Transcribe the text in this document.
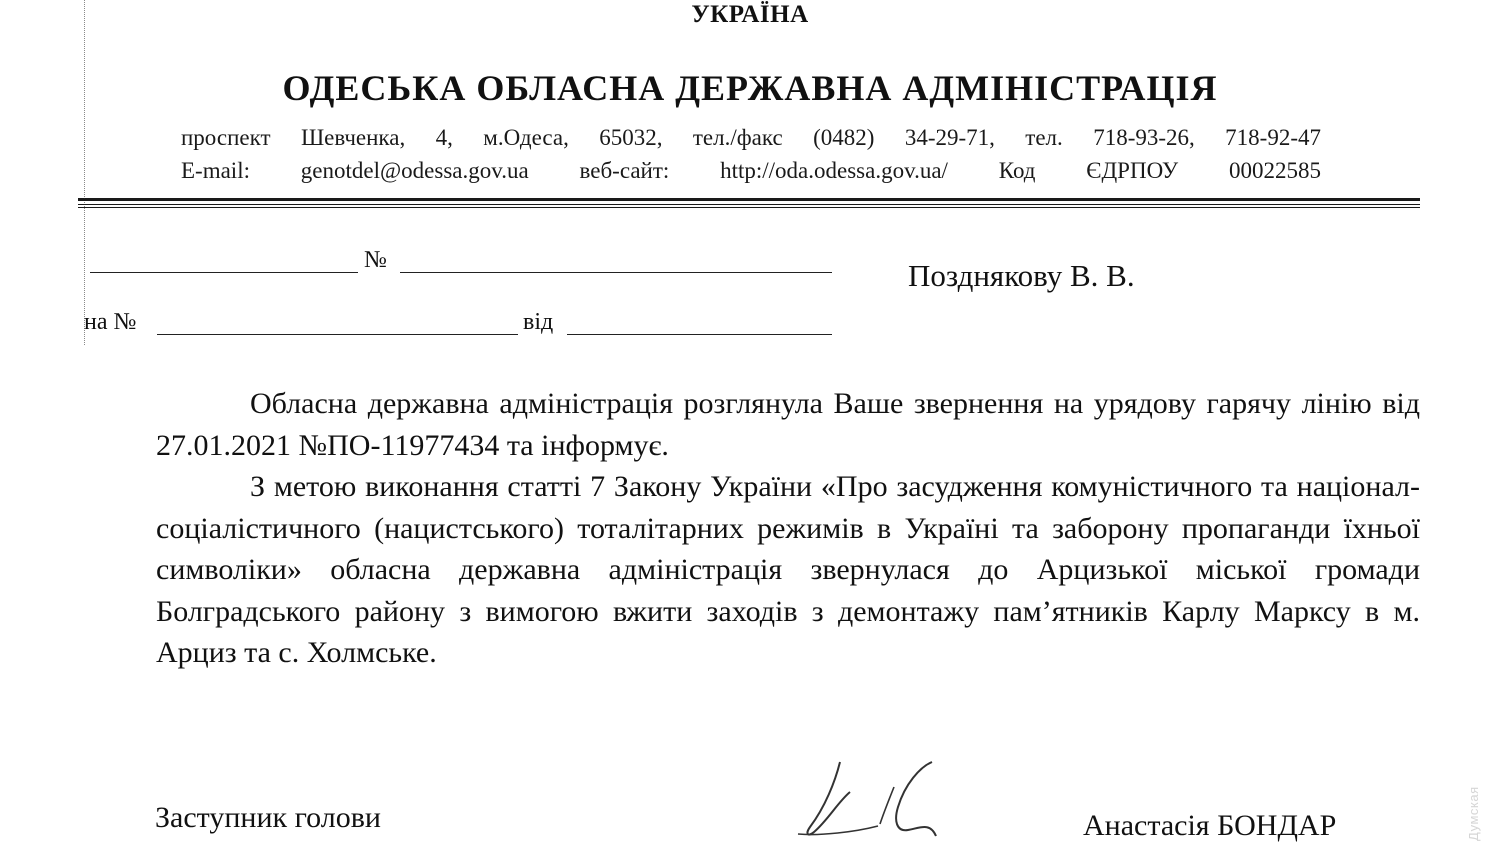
УКРАЇНА
ОДЕСЬКА ОБЛАСНА ДЕРЖАВНА АДМІНІСТРАЦІЯ
проспект Шевченка, 4, м.Одеса, 65032, тел./факс (0482) 34-29-71, тел. 718-93-26, 718-92-47
E-mail: genotdel@odessa.gov.ua веб-сайт: http://oda.odessa.gov.ua/ Код ЄДРПОУ 00022585
№
на №	від
Позднякову В. В.

Обласна державна адміністрація розглянула Ваше звернення на урядову гарячу лінію від 27.01.2021 №ПО-11977434 та інформує.

З метою виконання статті 7 Закону України «Про засудження комуністичного та націонал-соціалістичного (нацистського) тоталітарних режимів в Україні та заборону пропаганди їхньої символіки» обласна державна адміністрація звернулася до Арцизької міської громади Болградського району з вимогою вжити заходів з демонтажу пам’ятників Карлу Марксу в м. Арциз та с. Холмське.

Заступник голови	Анастасія БОНДАР	Думская
